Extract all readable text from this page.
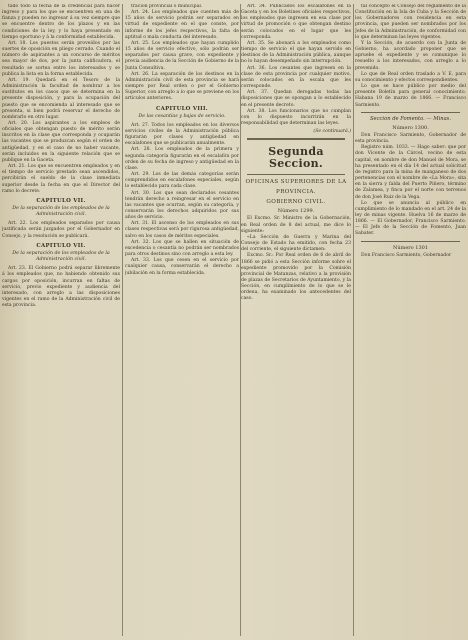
tado todo la fecha de la credencial para hacer ingreso y para los que se encuentren en una de fianza y pueden no ingresar á su vez siempre que se encuentre dentro de los plazos y en las condiciones de la ley, y lo haya presentado en tiempo oportuno y á la conformidad establecida.

Art. 18. Los puestos serán proveídos por las suertes de oposición en pliego cerrado. Cuando el número de aspirantes a un concurso de méritos sea mayor de dos, por la junta calificadora, el resultado se sortea entre los interesados y se publica la lista en la forma establecida.

Art. 19. Quedará en el Tesoro de la Administración la facultad de nombrar a los sustitutos en los casos que se determina en la presente disposición, y para la ocupación del puesto que se encomienda al interesado que se presenta, si bien podrá reservar el derecho de nombrarlo en otro lugar.

Art. 20. Los aspirantes a los empleos de oficiales que obtengan puesto de mérito serán inscritos en la clase que corresponda y ocuparán las vacantes que se produzcan según el orden de antigüedad, y en el caso de no haber vacante, serán incluidos en la siguiente relación que se publique en la Gaceta.

Art. 21. Los que se encuentren empleados y en el tiempo de servicio prestado sean ascendidos, percibirán el sueldo de la clase inmediata superior desde la fecha en que el Director del ramo lo decrete.

CAPITULO VII.
De la separación de los empleados de la Administración civil.

Art. 22. Los empleados separados por causa justificada serán juzgados por el Gobernador en Consejo, y la resolución se publicará.

CAPITULO VII.
De la separación de los empleados de la Administración civil.

Art. 23. El Gobierno podrá separar libremente á los empleados que, no habiendo obtenido sus cargos por oposición, incurran en faltas de servicio, previo expediente y audiencia del interesado, con arreglo a las disposiciones vigentes en el ramo de la Administración civil de esta provincia.

tración provincial ó municipal.

Art. 24. Los empleados que cuenten más de 15 años de servicio podrán ser separados en virtud de expediente en el que conste, por informe de los jefes respectivos, la falta de aptitud o mala conducta del interesado.

Art. 25. Los empleados que hayan cumplido 15 años de servicio efectivo, sólo podrán ser separados por causa grave, con expediente y previa audiencia de la Sección de Gobierno de la Junta Consultiva.

Art. 26. La separación de los destinos en la Administración civil de esta provincia se hará siempre por Real orden o por el Gobierno Superior, con arreglo a lo que se previene en los artículos anteriores.

CAPITULO VIII.
De las cesantías y bajas de servicio.

Art. 27. Todos los empleados en los diversos servicios civiles de la Administración pública figurarán por clases y antigüedad en escalafones que se publicarán anualmente.

Art. 28. Los empleados de la primera y segunda categoría figurarán en el escalafón por orden de su fecha de ingreso y antigüedad en la clase.

Art. 29. Los de las demás categorías serán comprendidos en escalafones especiales, según lo establecido para cada clase.

Art. 30. Los que sean declarados cesantes tendrán derecho a reingresar en el servicio en las vacantes que ocurran, según su categoría, y conservarán los derechos adquiridos por sus años de servicio.

Art. 31. El ascenso de los empleados en sus clases respectivas será por rigurosa antigüedad, salvo en los casos de méritos especiales.

Art. 32. Los que se hallen en situación de excedencia o cesantía no podrán ser nombrados para otros destinos sino con arreglo a esta ley.

Art. 33. Los que cesen en el servicio por cualquier causa, conservarán el derecho a jubilación en la forma establecida.

Art. 34. Publicados los escalafones en la Gaceta y en los Boletines oficiales respectivos, los empleados que ingresen en esa clase por virtud de promoción o que obtengan destino serán colocados en el lugar que les corresponda.

Art. 35. Se abonará a los empleados como tiempo de servicio el que hayan servido en destinos de la Administración pública, aunque no lo hayan desempeñado sin interrupción.

Art. 36. Los cesantes que ingresen en la clase de esta provincia por cualquier motivo, serán colocados en la escala que les corresponde.

Art. 37. Quedan derogadas todas las disposiciones que se opongan a lo establecido en el presente decreto.

Art. 38. Los funcionarios que no cumplan con lo dispuesto incurrirán en la responsabilidad que determinan las leyes.

(Se continuará.)
Segunda Seccion.
OFICINAS SUPERIORES DE LA
PROVINCIA.
GOBIERNO CIVIL.
Número 1299.

El Excmo. Sr. Ministro de la Gobernación, en Real orden de 8 del actual, me dice lo siguiente:

«La Sección de Guerra y Marina del Consejo de Estado ha emitido, con fecha 23 del corriente, el siguiente dictamen:

Excmo. Sr.: Por Real orden de 6 de abril de 1866 se pidió a esta Sección informe sobre el expediente promovido por la Comisión provincial de Matanzas, relativo a la provisión de plazas de Secretarios de Ayuntamiento, y la Sección, en cumplimiento de lo que se le ordena, ha examinado los antecedentes del caso.

tal concepto el Consejo del reglamento de la Constitución en la Isla de Cuba y la Sección de los Gobernadores con residencia en esta provincia, que pueden ser nombrados por los Jefes de la Administración, de conformidad con lo que determinan las leyes vigentes.

Y la Sección, de acuerdo con la Junta de Gobierno, ha acordado proponer que se apruebe el expediente y se comunique lo resuelto a los interesados, con arreglo a lo prevenido.

Lo que de Real orden traslado a V. E. para su conocimiento y efectos correspondientes.

Lo que se hace público por medio del presente Boletín para general conocimiento. Habana 19 de marzo de 1866. — Francisco Sarmiento.

Seccion de Fomento. — Minas.
Número 1300.

Don Francisco Sarmiento, Gobernador de esta provincia.

Registro núm. 1033. — Hago saber: que por don Vicente de la Cárcel, vecino de esta capital, en nombre de don Manuel de Mora, se ha presentado en el día 14 del actual solicitud de registro para la mina de manganeso de dos pertenencias con el nombre de «La Mora», sita en la sierra y falda del Puerto Piñero, término de Zalamea, y finca por el norte con terrenos de don José Ruiz de la Vega.

Lo que se anuncia al público en cumplimiento de lo mandado en el art. 24 de la ley de minas vigente. Huelva 16 de marzo de 1866. — El Gobernador, Francisco Sarmiento. — El Jefe de la Sección de Fomento, Juan Sabater.

Número 1301

Don Francisco Sarmiento, Gobernador
